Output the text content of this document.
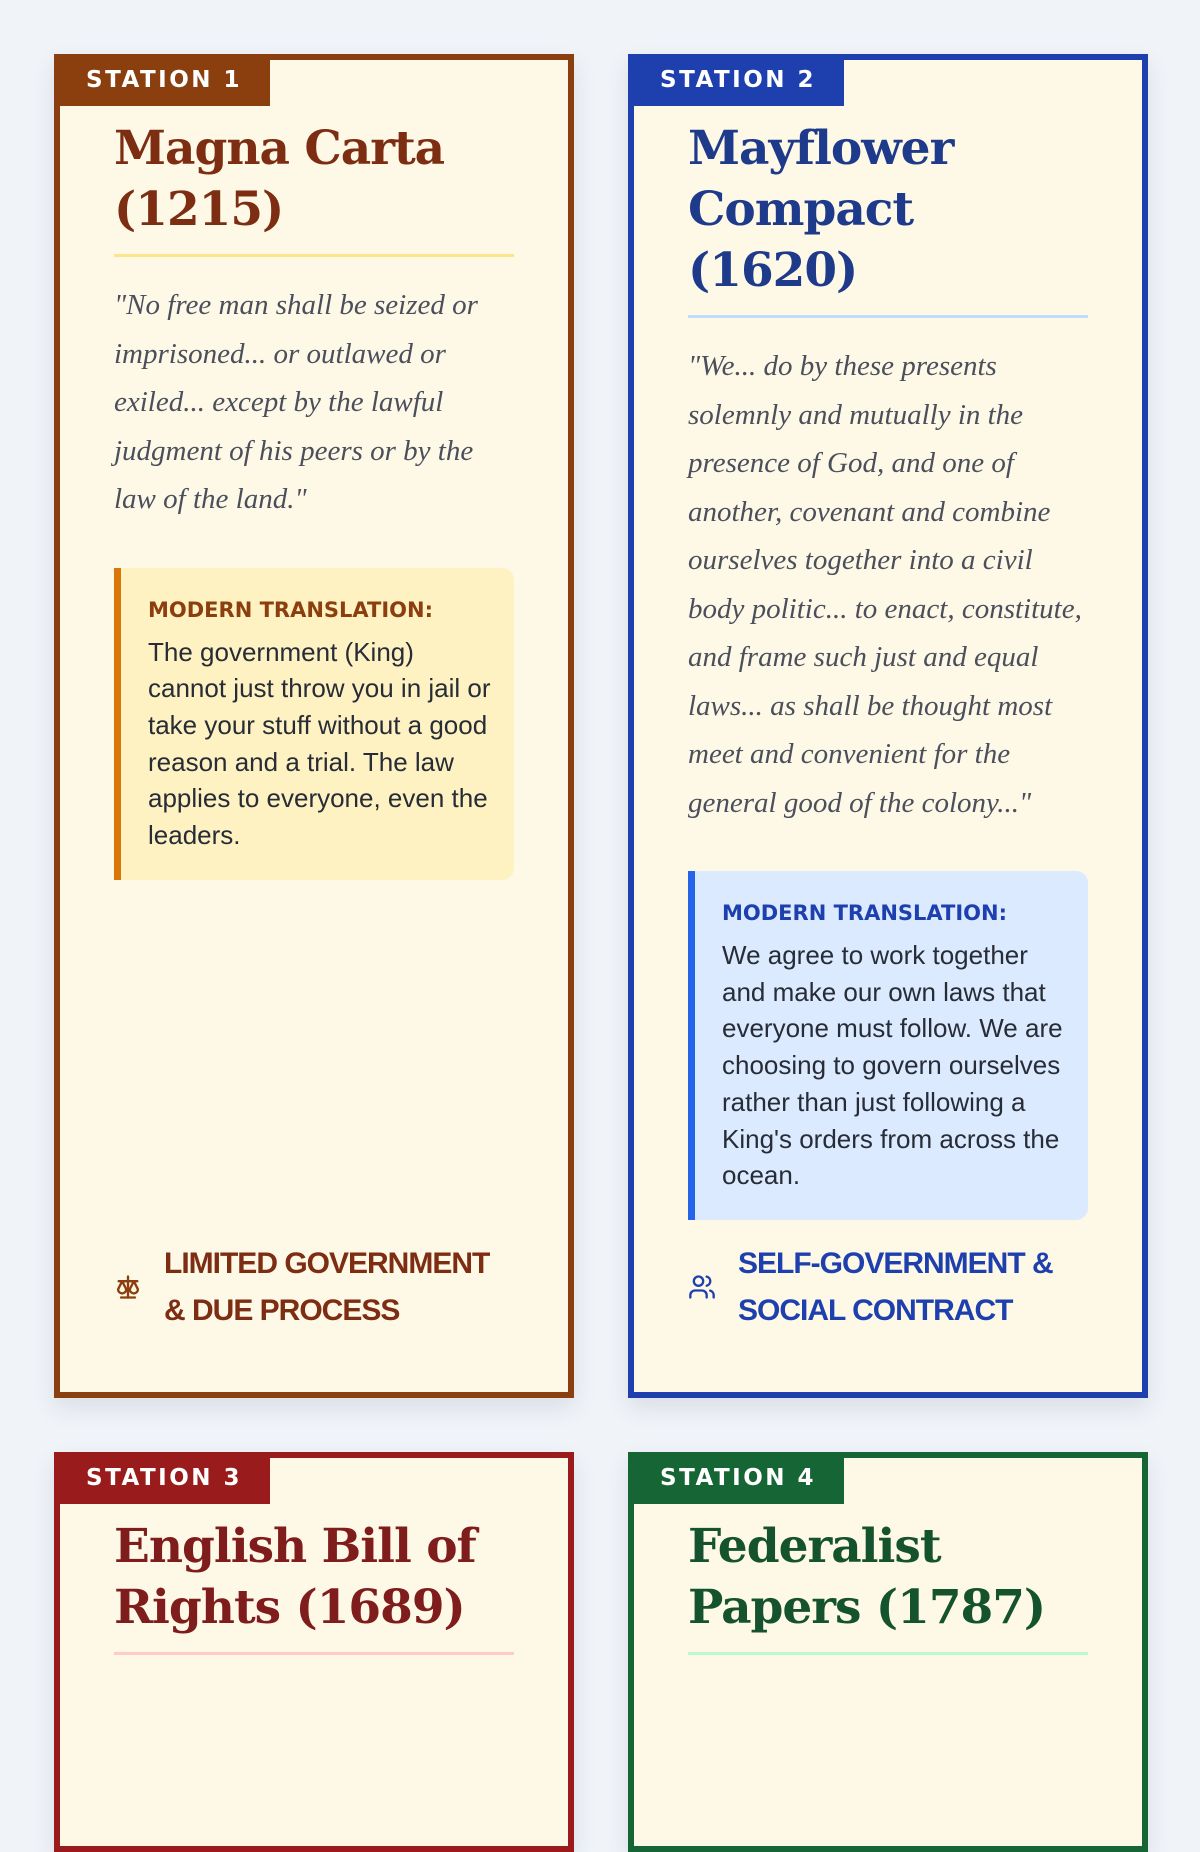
STATION 1
Magna Carta (1215)

"No free man shall be seized or imprisoned... or outlawed or exiled... except by the lawful judgment of his peers or by the law of the land."

MODERN TRANSLATION:
The government (King) cannot just throw you in jail or take your stuff without a good reason and a trial. The law applies to everyone, even the leaders.
LIMITED GOVERNMENT & DUE PROCESS
STATION 2
Mayflower Compact (1620)

"We... do by these presents solemnly and mutually in the presence of God, and one of another, covenant and combine ourselves together into a civil body politic... to enact, constitute, and frame such just and equal laws... as shall be thought most meet and convenient for the general good of the colony..."

MODERN TRANSLATION:
We agree to work together and make our own laws that everyone must follow. We are choosing to govern ourselves rather than just following a King's orders from across the ocean.
SELF-GOVERNMENT & SOCIAL CONTRACT
STATION 3
English Bill of Rights (1689)
STATION 4
Federalist Papers (1787)
